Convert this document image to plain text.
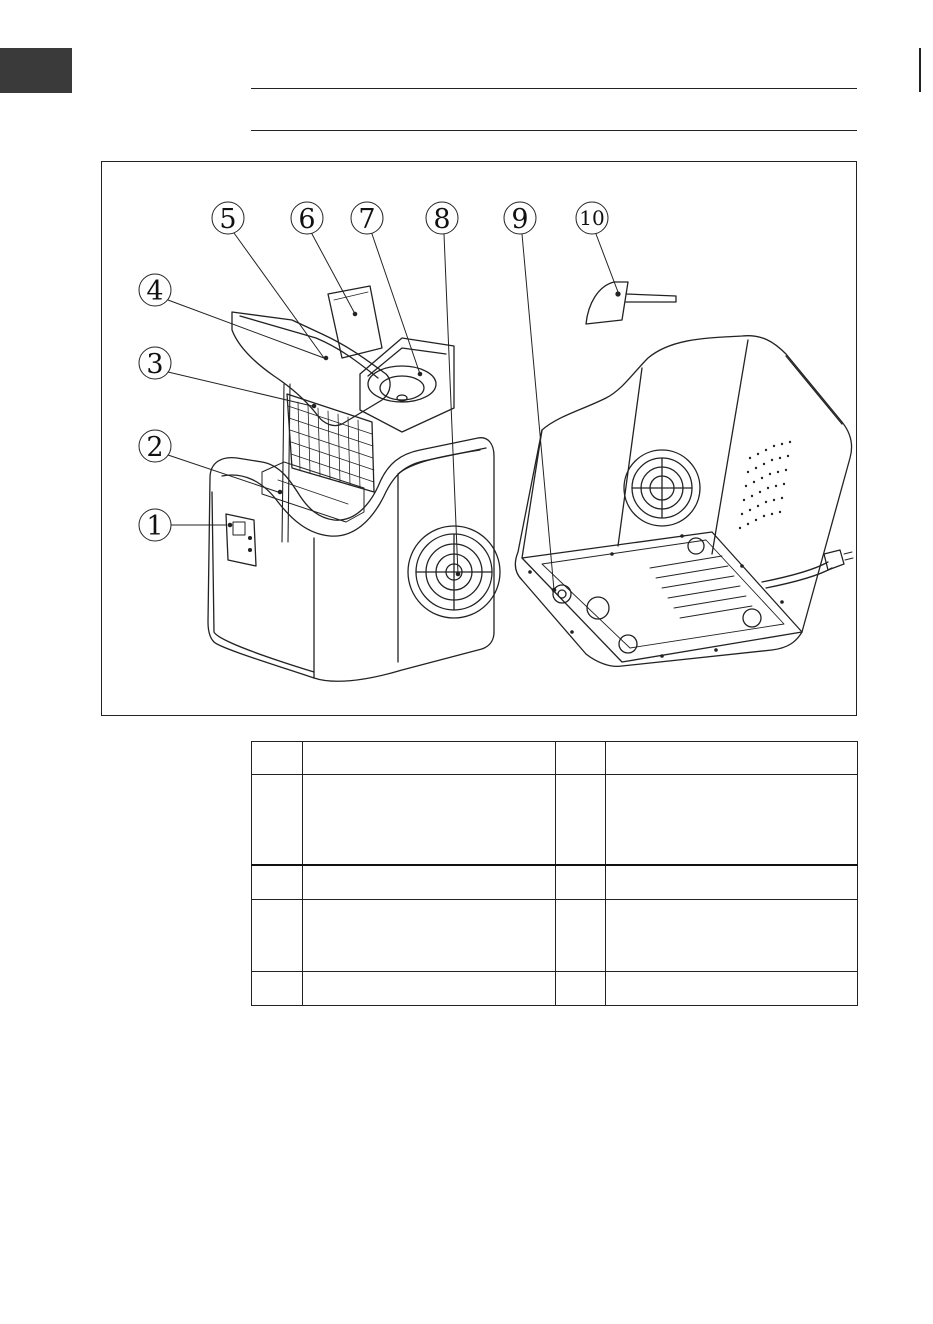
1
2
3
4
5 6 7 8 9	10
